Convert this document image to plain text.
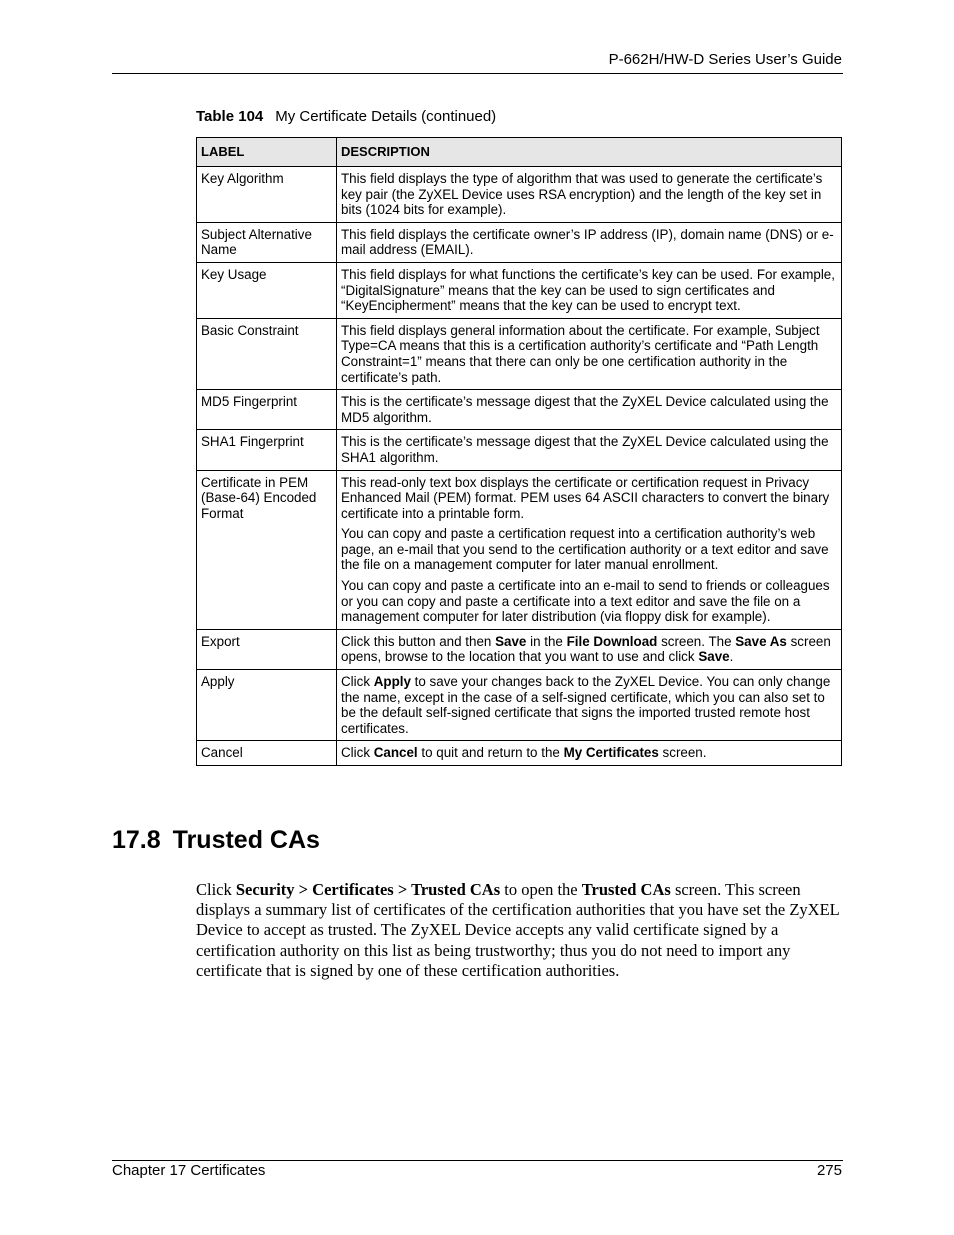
P-662H/HW-D Series User’s Guide
Table 104 My Certificate Details (continued)
LABEL	DESCRIPTION
Key Algorithm	This field displays the type of algorithm that was used to generate the certificate’s key pair (the ZyXEL Device uses RSA encryption) and the length of the key set in bits (1024 bits for example).

Subject Alternative Name	This field displays the certificate owner’s IP address (IP), domain name (DNS) or e-mail address (EMAIL).

Key Usage	This field displays for what functions the certificate’s key can be used. For example, “DigitalSignature” means that the key can be used to sign certificates and “KeyEncipherment” means that the key can be used to encrypt text.

Basic Constraint	This field displays general information about the certificate. For example, Subject Type=CA means that this is a certification authority’s certificate and “Path Length Constraint=1” means that there can only be one certification authority in the certificate’s path.

MD5 Fingerprint	This is the certificate’s message digest that the ZyXEL Device calculated using the MD5 algorithm.

SHA1 Fingerprint	This is the certificate’s message digest that the ZyXEL Device calculated using the SHA1 algorithm.

Certificate in PEM (Base-64) Encoded Format	This read-only text box displays the certificate or certification request in Privacy Enhanced Mail (PEM) format. PEM uses 64 ASCII characters to convert the binary certificate into a printable form.

You can copy and paste a certification request into a certification authority’s web page, an e-mail that you send to the certification authority or a text editor and save the file on a management computer for later manual enrollment.

You can copy and paste a certificate into an e-mail to send to friends or colleagues or you can copy and paste a certificate into a text editor and save the file on a management computer for later distribution (via floppy disk for example).

Export	Click this button and then Save in the File Download screen. The Save As screen opens, browse to the location that you want to use and click Save.

Apply	Click Apply to save your changes back to the ZyXEL Device. You can only change the name, except in the case of a self-signed certificate, which you can also set to be the default self-signed certificate that signs the imported trusted remote host certificates.

Cancel	Click Cancel to quit and return to the My Certificates screen.

17.8 Trusted CAs

Click Security > Certificates > Trusted CAs to open the Trusted CAs screen. This screen displays a summary list of certificates of the certification authorities that you have set the ZyXEL Device to accept as trusted. The ZyXEL Device accepts any valid certificate signed by a certification authority on this list as being trustworthy; thus you do not need to import any certificate that is signed by one of these certification authorities.

Chapter 17 Certificates	275
